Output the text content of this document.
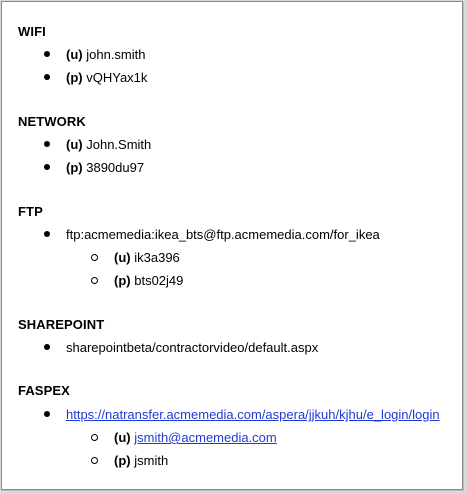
WIFI
(u) john.smith
(p) vQHYax1k
NETWORK
(u) John.Smith
(p) 3890du97
FTP
ftp:acmemedia:ikea_bts@ftp.acmemedia.com/for_ikea
(u) ik3a396
(p) bts02j49
SHAREPOINT
sharepointbeta/contractorvideo/default.aspx
FASPEX
https://natransfer.acmemedia.com/aspera/jjkuh/kjhu/e_login/login
(u) jsmith@acmemedia.com
(p) jsmith
